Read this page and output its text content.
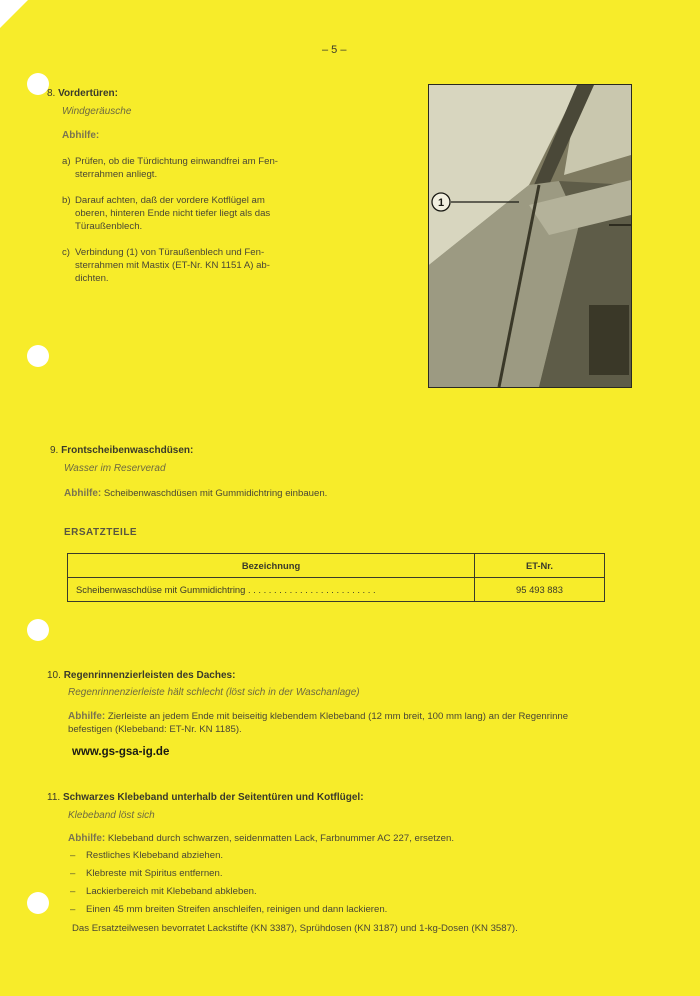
– 5 –
8. Vordertüren:
Windgeräusche
Abhilfe:
a) Prüfen, ob die Türdichtung einwandfrei am Fen-
sterrahmen anliegt.
b) Darauf achten, daß der vordere Kotflügel am
oberen, hinteren Ende nicht tiefer liegt als das
Türaußenblech.
c) Verbindung (1) von Türaußenblech und Fen-
sterrahmen mit Mastix (ET-Nr. KN 1151 A) ab-
dichten.
1
9. Frontscheibenwaschdüsen:
Wasser im Reserverad
Abhilfe: Scheibenwaschdüsen mit Gummidichtring einbauen.
ERSATZTEILE
Bezeichnung	ET-Nr.
Scheibenwaschdüse mit Gummidichtring . . . . . . . . . . . . . . . . . . . . . . . . .	95 493 883
10. Regenrinnenzierleisten des Daches:
Regenrinnenzierleiste hält schlecht (löst sich in der Waschanlage)
Abhilfe: Zierleiste an jedem Ende mit beiseitig klebendem Klebeband (12 mm breit, 100 mm lang) an der Regenrinne
befestigen (Klebeband: ET-Nr. KN 1185).
www.gs-gsa-ig.de
11. Schwarzes Klebeband unterhalb der Seitentüren und Kotflügel:
Klebeband löst sich
Abhilfe: Klebeband durch schwarzen, seidenmatten Lack, Farbnummer AC 227, ersetzen.
– Restliches Klebeband abziehen.
– Klebreste mit Spiritus entfernen.
– Lackierbereich mit Klebeband abkleben.
– Einen 45 mm breiten Streifen anschleifen, reinigen und dann lackieren.
Das Ersatzteilwesen bevorratet Lackstifte (KN 3387), Sprühdosen (KN 3187) und 1-kg-Dosen (KN 3587).
